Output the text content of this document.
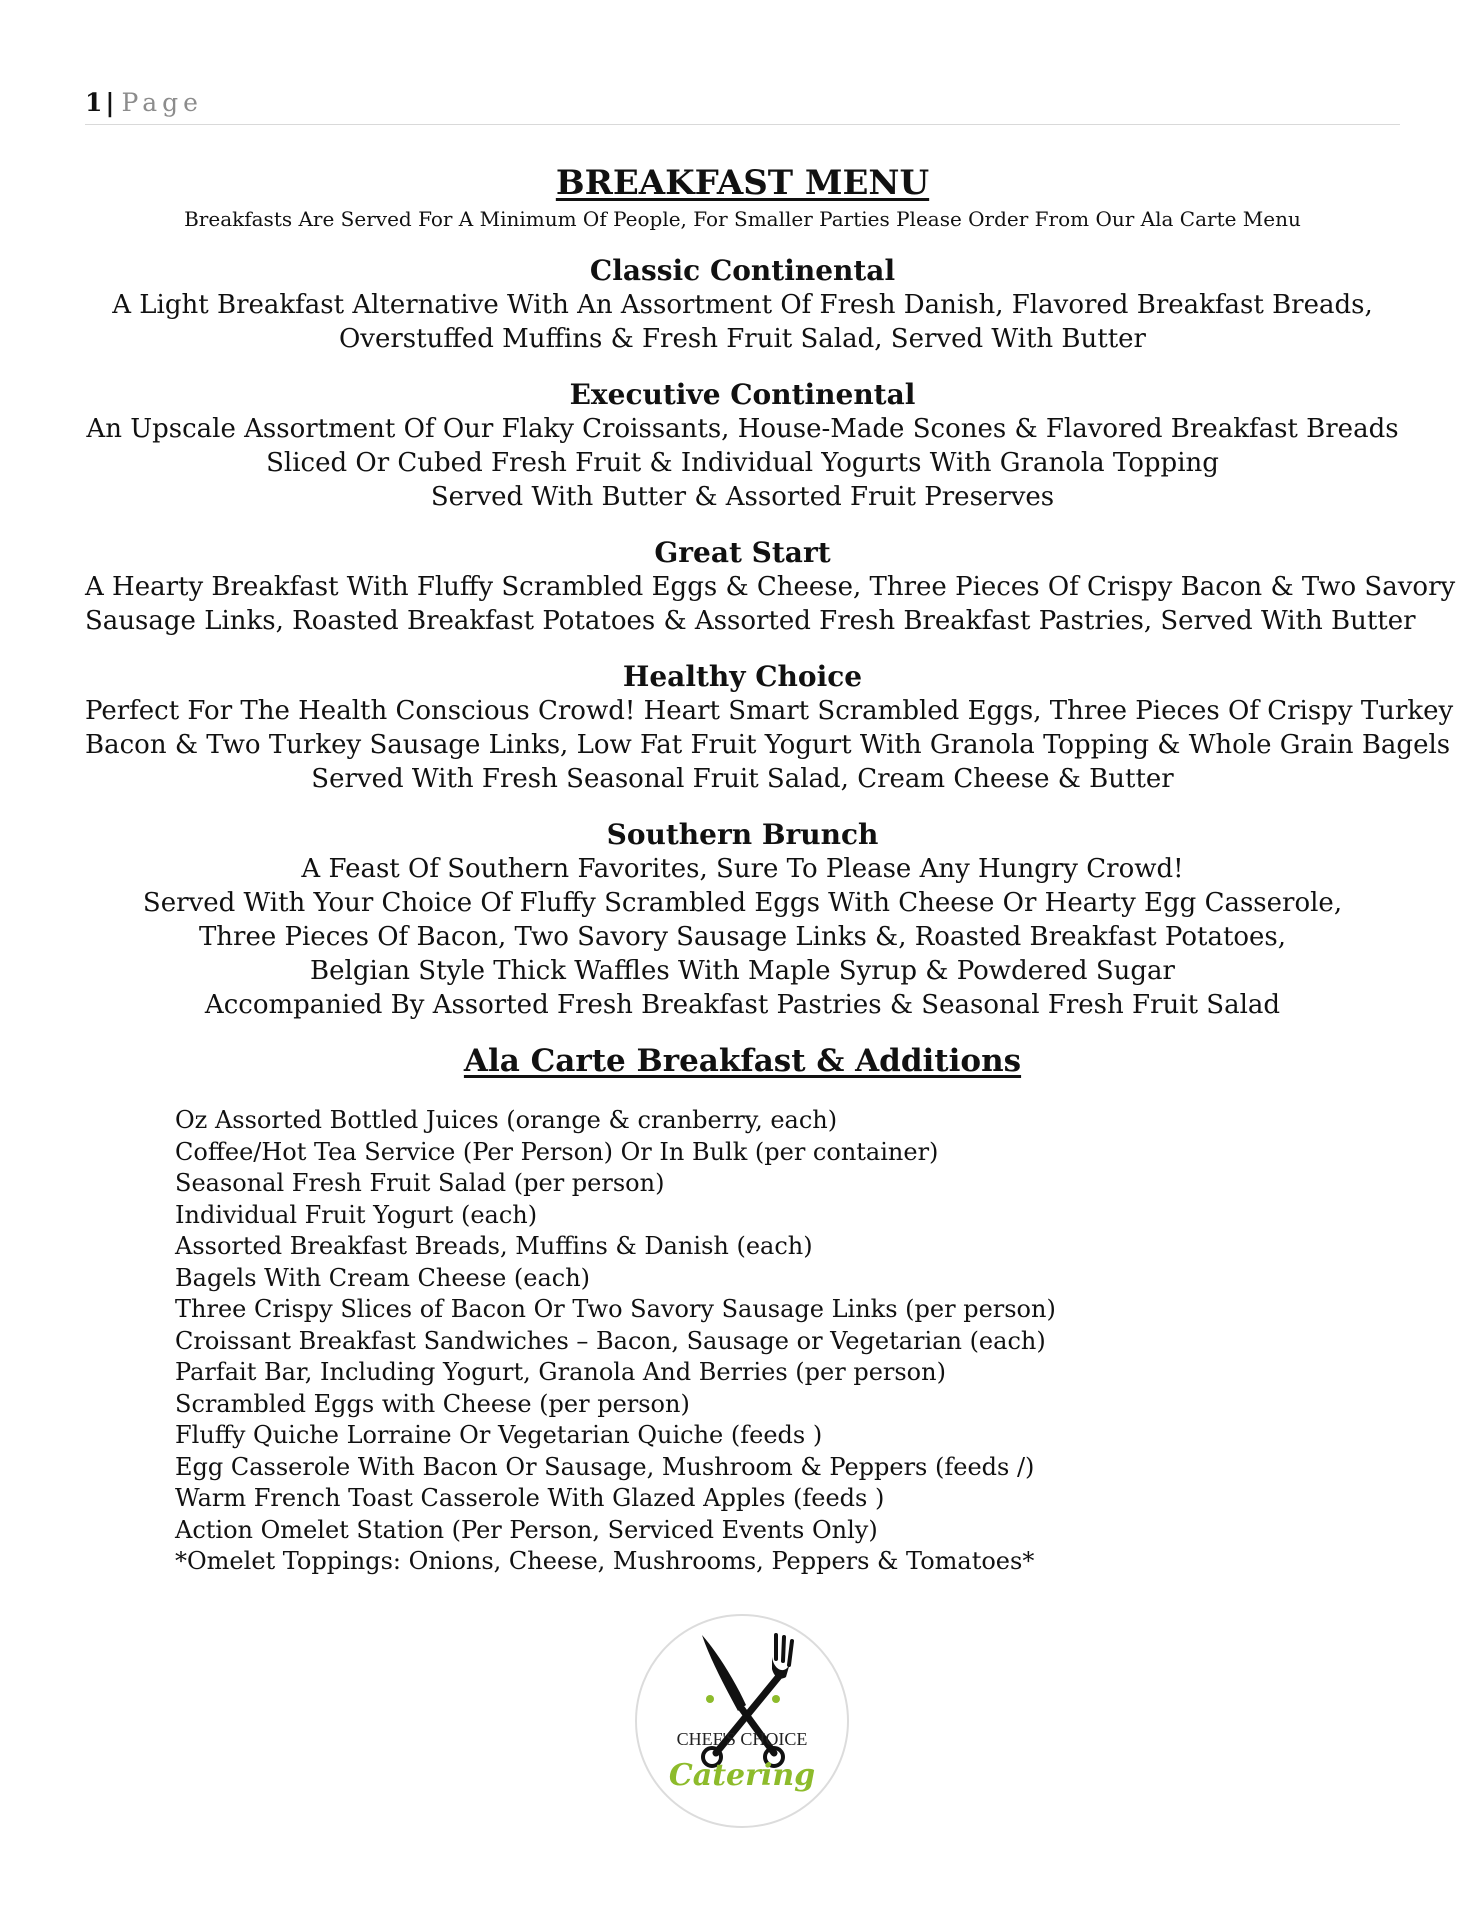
1| Page
BREAKFAST MENU

Breakfasts Are Served For A Minimum Of People, For Smaller Parties Please Order From Our Ala Carte Menu

Classic Continental

A Light Breakfast Alternative With An Assortment Of Fresh Danish, Flavored Breakfast Breads,

Overstuffed Muffins & Fresh Fruit Salad, Served With Butter

Executive Continental

An Upscale Assortment Of Our Flaky Croissants, House-Made Scones & Flavored Breakfast Breads

Sliced Or Cubed Fresh Fruit & Individual Yogurts With Granola Topping

Served With Butter & Assorted Fruit Preserves

Great Start

A Hearty Breakfast With Fluffy Scrambled Eggs & Cheese, Three Pieces Of Crispy Bacon & Two Savory

Sausage Links, Roasted Breakfast Potatoes & Assorted Fresh Breakfast Pastries, Served With Butter

Healthy Choice

Perfect For The Health Conscious Crowd! Heart Smart Scrambled Eggs, Three Pieces Of Crispy Turkey

Bacon & Two Turkey Sausage Links, Low Fat Fruit Yogurt With Granola Topping & Whole Grain Bagels

Served With Fresh Seasonal Fruit Salad, Cream Cheese & Butter

Southern Brunch

A Feast Of Southern Favorites, Sure To Please Any Hungry Crowd!

Served With Your Choice Of Fluffy Scrambled Eggs With Cheese Or Hearty Egg Casserole,

Three Pieces Of Bacon, Two Savory Sausage Links &, Roasted Breakfast Potatoes,

Belgian Style Thick Waffles With Maple Syrup & Powdered Sugar

Accompanied By Assorted Fresh Breakfast Pastries & Seasonal Fresh Fruit Salad

Ala Carte Breakfast & Additions
Oz Assorted Bottled Juices (orange & cranberry, each)
Coffee/Hot Tea Service (Per Person) Or In Bulk (per container)
Seasonal Fresh Fruit Salad (per person)
Individual Fruit Yogurt (each)
Assorted Breakfast Breads, Muffins & Danish (each)
Bagels With Cream Cheese (each)
Three Crispy Slices of Bacon Or Two Savory Sausage Links (per person)
Croissant Breakfast Sandwiches – Bacon, Sausage or Vegetarian (each)
Parfait Bar, Including Yogurt, Granola And Berries (per person)
Scrambled Eggs with Cheese (per person)
Fluffy Quiche Lorraine Or Vegetarian Quiche (feeds )
Egg Casserole With Bacon Or Sausage, Mushroom & Peppers (feeds /)
Warm French Toast Casserole With Glazed Apples (feeds )
Action Omelet Station (Per Person, Serviced Events Only)
*Omelet Toppings: Onions, Cheese, Mushrooms, Peppers & Tomatoes*
CHEF'S CHOICE
Catering
